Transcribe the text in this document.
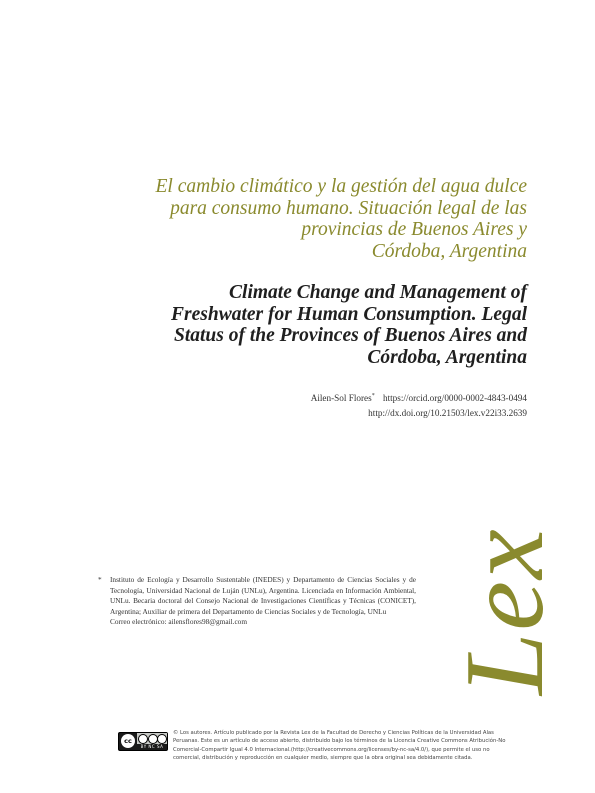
El cambio climático y la gestión del agua dulce
para consumo humano. Situación legal de las
provincias de Buenos Aires y
Córdoba, Argentina
Climate Change and Management of
Freshwater for Human Consumption. Legal
Status of the Provinces of Buenos Aires and
Córdoba, Argentina
Ailen-Sol Flores* https://orcid.org/0000-0002-4843-0494
http://dx.doi.org/10.21503/lex.v22i33.2639
Lex
* Instituto de Ecología y Desarrollo Sustentable (INEDES) y Departamento de Ciencias Sociales y de Tecnología, Universidad Nacional de Luján (UNLu), Argentina. Licenciada en Información Ambiental, UNLu. Becaria doctoral del Consejo Nacional de Investigaciones Científicas y Técnicas (CONICET), Argentina; Auxiliar de primera del Departamento de Ciencias Sociales y de Tecnología, UNLu
Correo electrónico: ailensflores98@gmail.com
cc
BY NC SA
© Los autores. Artículo publicado por la Revista Lex de la Facultad de Derecho y Ciencias Políticas de la Universidad Alas Peruanas. Este es un artículo de acceso abierto, distribuido bajo los términos de la Licencia Creative Commons Atribución-No Comercial-Compartir Igual 4.0 Internacional.(http://creativecommons.org/licenses/by-nc-sa/4.0/), que permite el uso no comercial, distribución y reproducción en cualquier medio, siempre que la obra original sea debidamente citada.
